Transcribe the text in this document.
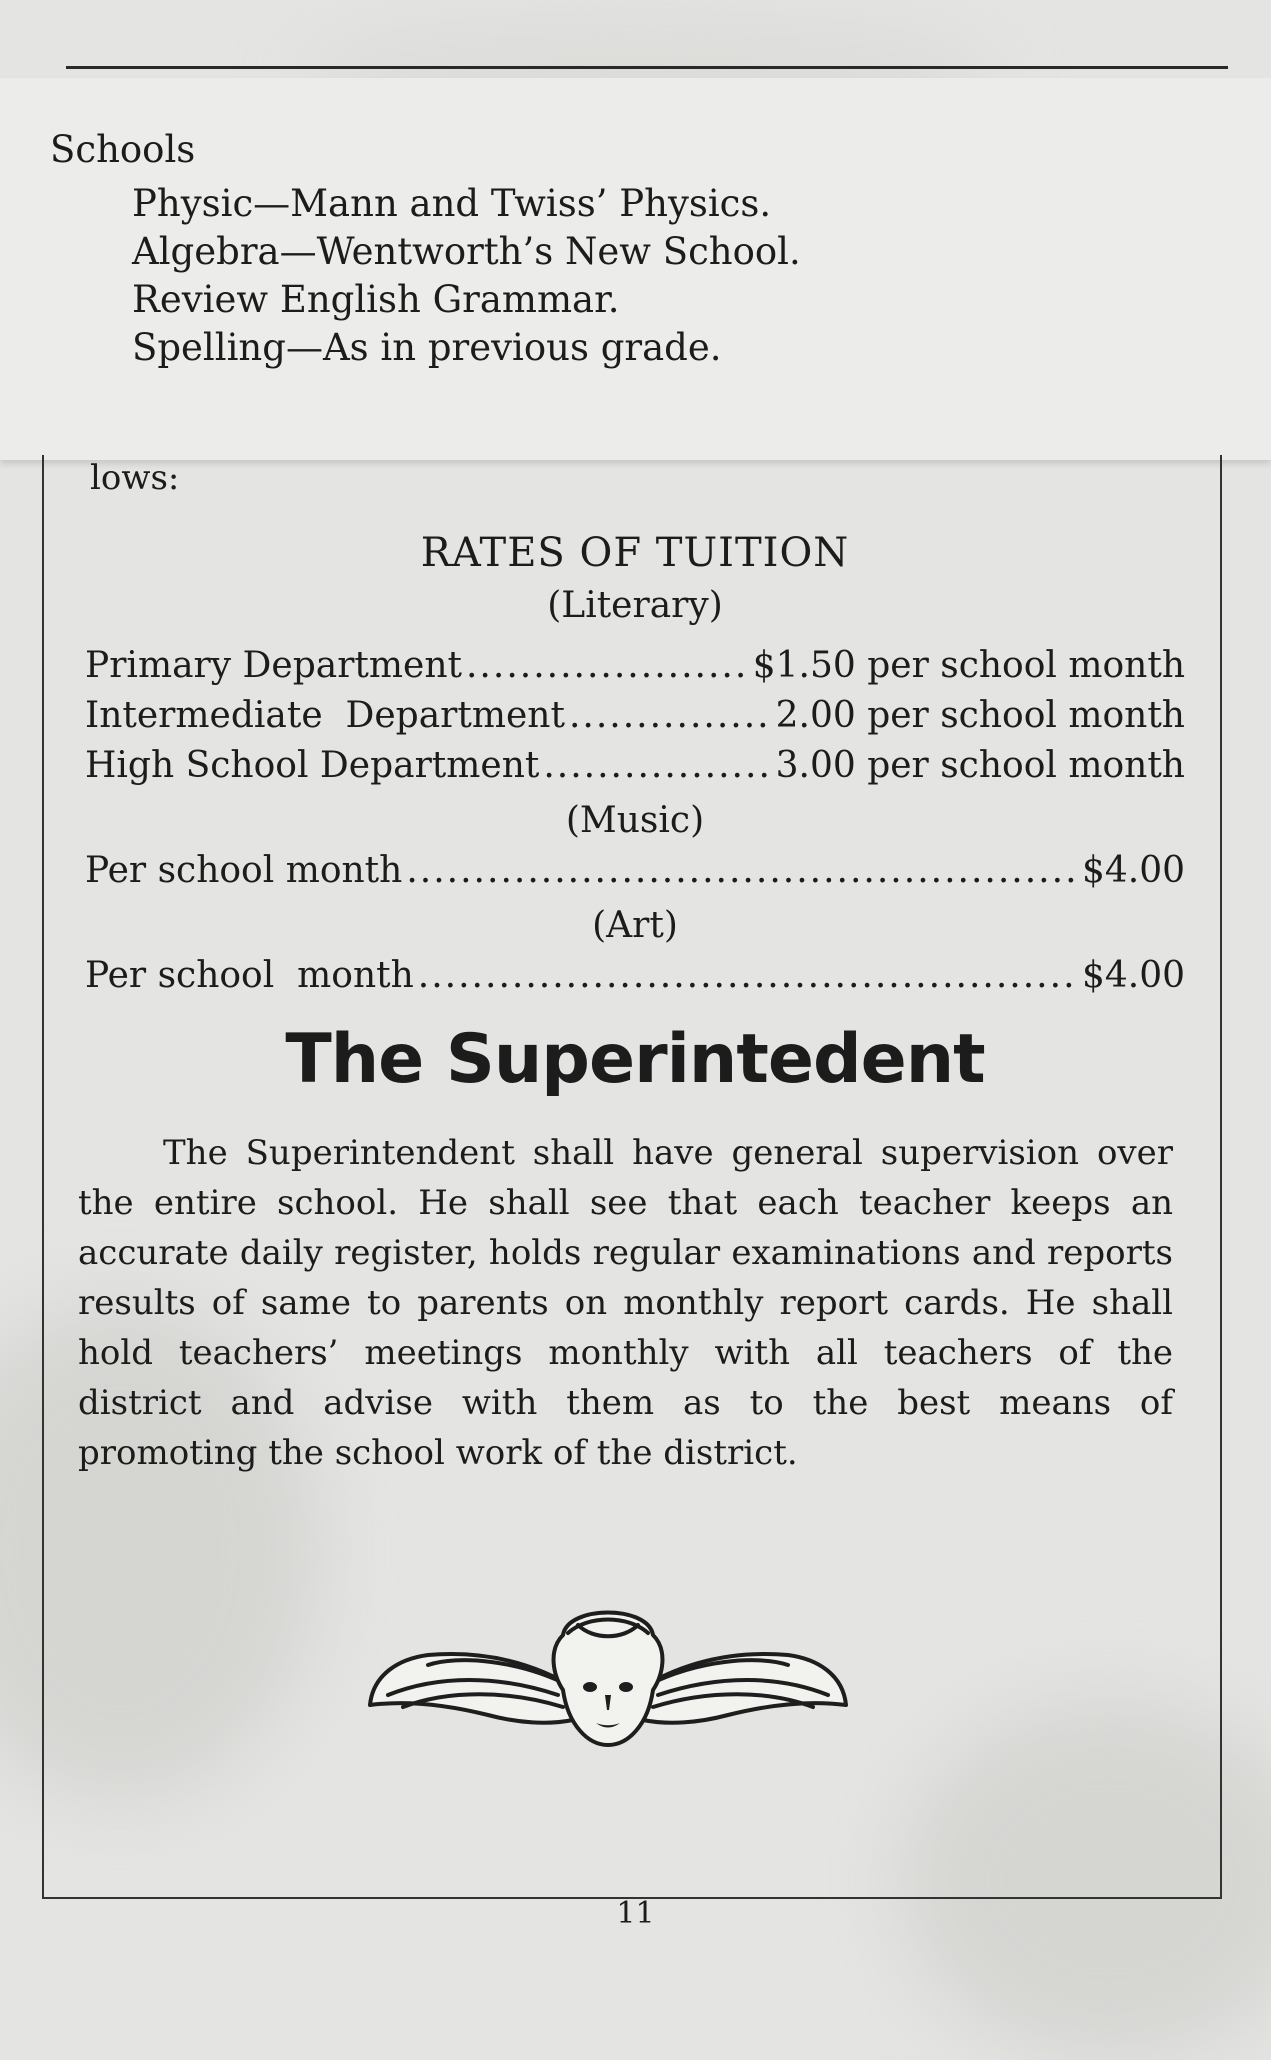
Schools
Physic—Mann and Twiss’ Physics.
Algebra—Wentworth’s New School.
Review English Grammar.
Spelling—As in previous grade.
lows:
RATES OF TUITION
(Literary)
Primary Department .....	$1.50 per school month
Intermediate  Department .....	2.00 per school month
High School Department .....	3.00 per school month
(Music)
Per school month .....	$4.00
(Art)
Per school  month .....	$4.00
The Superintedent
The Superintendent shall have general supervision over the entire school. He shall see that each teacher keeps an accurate daily register, holds regular examinations and reports results of same to parents on monthly report cards. He shall hold teachers’ meetings monthly with all teachers of the district and advise with them as to the best means of promoting the school work of the district.
11
